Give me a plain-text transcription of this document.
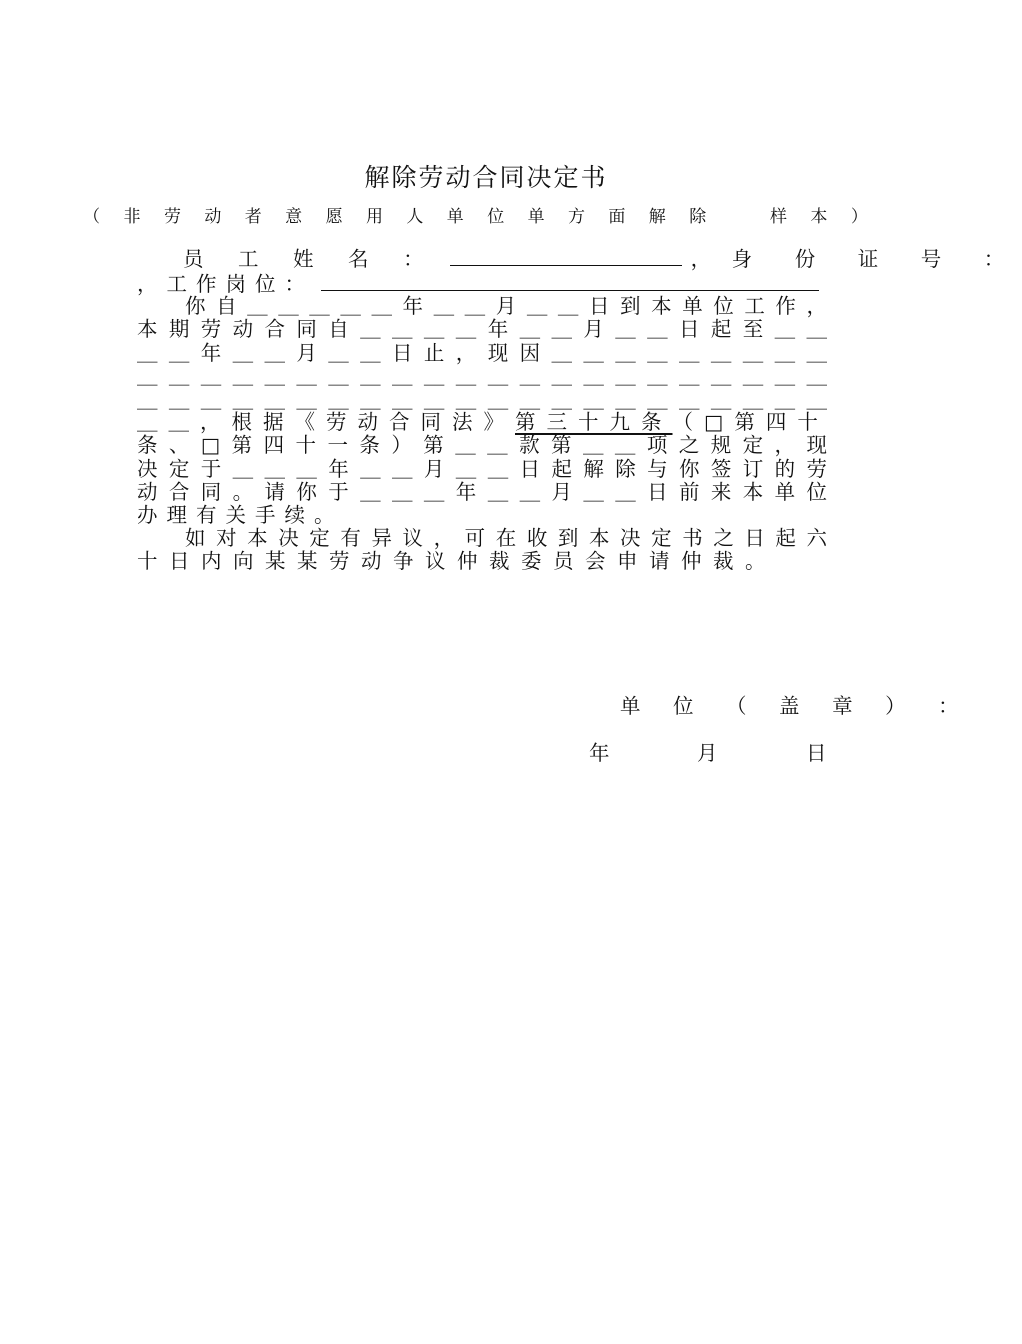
解除劳动合同决定书
（ 非 劳 动 者 意 愿 用 人 单 位 单 方 面 解 除 　 样 本 ）
员 工 姓 名 ：	， 身 份 证 号 ：
，工作岗位：
你自＿＿＿＿＿年＿＿月＿＿日到本单位工作，
本期劳动合同自＿＿＿＿年＿＿月＿＿日起至＿＿
＿＿年＿＿月＿＿日止，现因＿＿＿＿＿＿＿＿＿
＿＿＿＿＿＿＿＿＿＿＿＿＿＿＿＿＿＿＿＿＿＿
＿＿＿＿＿＿＿＿＿＿＿＿＿＿＿＿＿＿＿＿＿＿
＿＿，根据《劳动合同法》第三十九条（□第四十
条、□第四十一条）第＿＿款第＿＿项之规定，现
决定于＿＿＿年＿＿月＿＿日起解除与你签订的劳
动合同。请你于＿＿＿年＿＿月＿＿日前来本单位
办理有关手续。
如对本决定有异议，可在收到本决定书之日起六
十日内向某某劳动争议仲裁委员会申请仲裁。
单 位 （ 盖 章 ） ：
年	月	日
